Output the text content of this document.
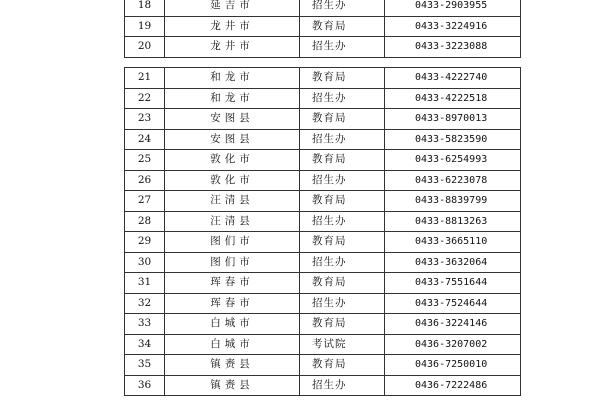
18	延吉市	招生办	0433-2903955
19	龙井市	教育局	0433-3224916
20	龙井市	招生办	0433-3223088
21	和龙市	教育局	0433-4222740
22	和龙市	招生办	0433-4222518
23	安图县	教育局	0433-8970013
24	安图县	招生办	0433-5823590
25	敦化市	教育局	0433-6254993
26	敦化市	招生办	0433-6223078
27	汪清县	教育局	0433-8839799
28	汪清县	招生办	0433-8813263
29	图们市	教育局	0433-3665110
30	图们市	招生办	0433-3632064
31	珲春市	教育局	0433-7551644
32	珲春市	招生办	0433-7524644
33	白城市	教育局	0436-3224146
34	白城市	考试院	0436-3207002
35	镇赉县	教育局	0436-7250010
36	镇赉县	招生办	0436-7222486
